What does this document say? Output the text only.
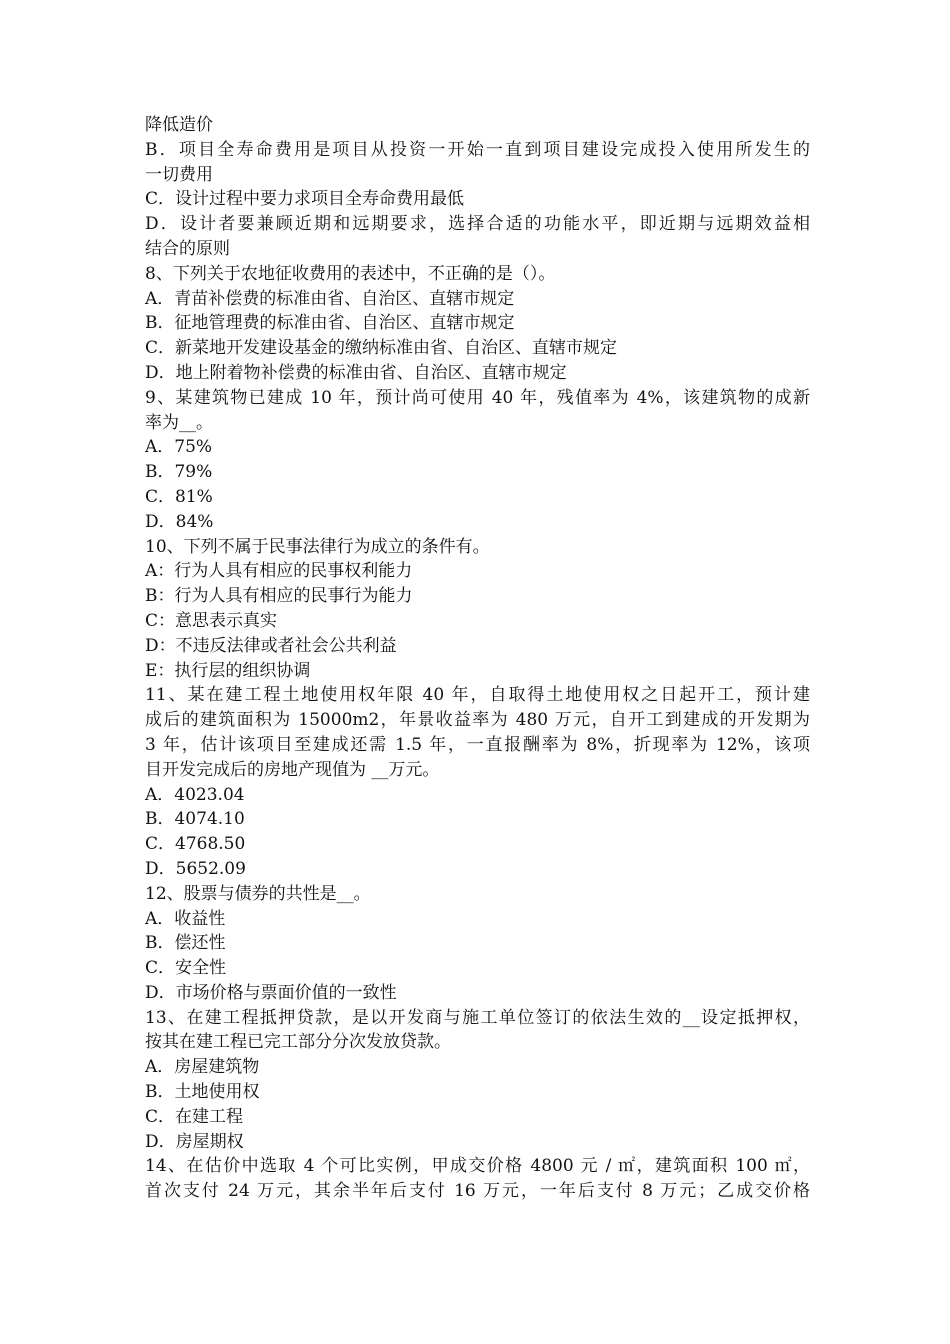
降低造价
B．项目全寿命费用是项目从投资一开始一直到项目建设完成投入使用所发生的
一切费用
C．设计过程中要力求项目全寿命费用最低
D．设计者要兼顾近期和远期要求，选择合适的功能水平，即近期与远期效益相
结合的原则
8、下列关于农地征收费用的表述中，不正确的是（）。
A．青苗补偿费的标准由省、自治区、直辖市规定
B．征地管理费的标准由省、自治区、直辖市规定
C．新菜地开发建设基金的缴纳标准由省、自治区、直辖市规定
D．地上附着物补偿费的标准由省、自治区、直辖市规定
9、某建筑物已建成 10 年，预计尚可使用 40 年，残值率为 4%，该建筑物的成新
率为__。
A．75%
B．79%
C．81%
D．84%
10、下列不属于民事法律行为成立的条件有。
A：行为人具有相应的民事权利能力
B：行为人具有相应的民事行为能力
C：意思表示真实
D：不违反法律或者社会公共利益
E：执行层的组织协调
11、某在建工程土地使用权年限 40 年，自取得土地使用权之日起开工，预计建
成后的建筑面积为 15000m2，年景收益率为 480 万元，自开工到建成的开发期为
3 年，估计该项目至建成还需 1.5 年，一直报酬率为 8%，折现率为 12%，该项
目开发完成后的房地产现值为 __万元。
A．4023.04
B．4074.10
C．4768.50
D．5652.09
12、股票与债券的共性是__。
A．收益性
B．偿还性
C．安全性
D．市场价格与票面价值的一致性
13、在建工程抵押贷款，是以开发商与施工单位签订的依法生效的__设定抵押权，
按其在建工程已完工部分分次发放贷款。
A．房屋建筑物
B．土地使用权
C．在建工程
D．房屋期权
14、在估价中选取 4 个可比实例，甲成交价格 4800 元 / ㎡，建筑面积 100 ㎡，
首次支付 24 万元，其余半年后支付 16 万元，一年后支付 8 万元；乙成交价格
